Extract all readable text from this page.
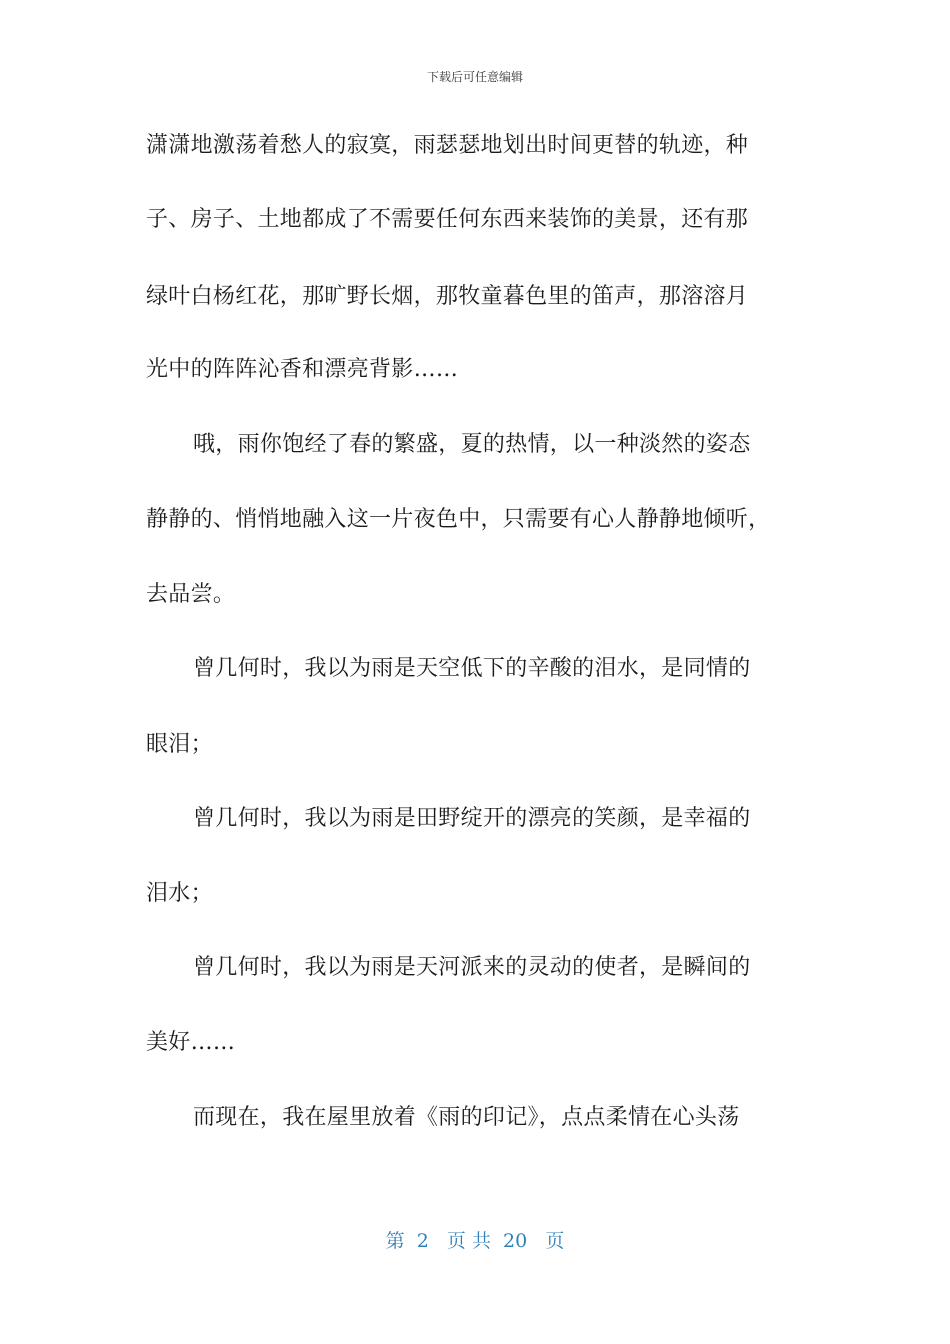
下载后可任意编辑
潇潇地激荡着愁人的寂寞，雨瑟瑟地划出时间更替的轨迹，种
子、房子、土地都成了不需要任何东西来装饰的美景，还有那
绿叶白杨红花，那旷野长烟，那牧童暮色里的笛声，那溶溶月
光中的阵阵沁香和漂亮背影……
哦，雨你饱经了春的繁盛，夏的热情，以一种淡然的姿态
静静的、悄悄地融入这一片夜色中，只需要有心人静静地倾听，
去品尝。
曾几何时，我以为雨是天空低下的辛酸的泪水，是同情的
眼泪；
曾几何时，我以为雨是田野绽开的漂亮的笑颜，是幸福的
泪水；
曾几何时，我以为雨是天河派来的灵动的使者，是瞬间的
美好……
而现在，我在屋里放着《雨的印记》，点点柔情在心头荡
第  2   页 共  20   页
